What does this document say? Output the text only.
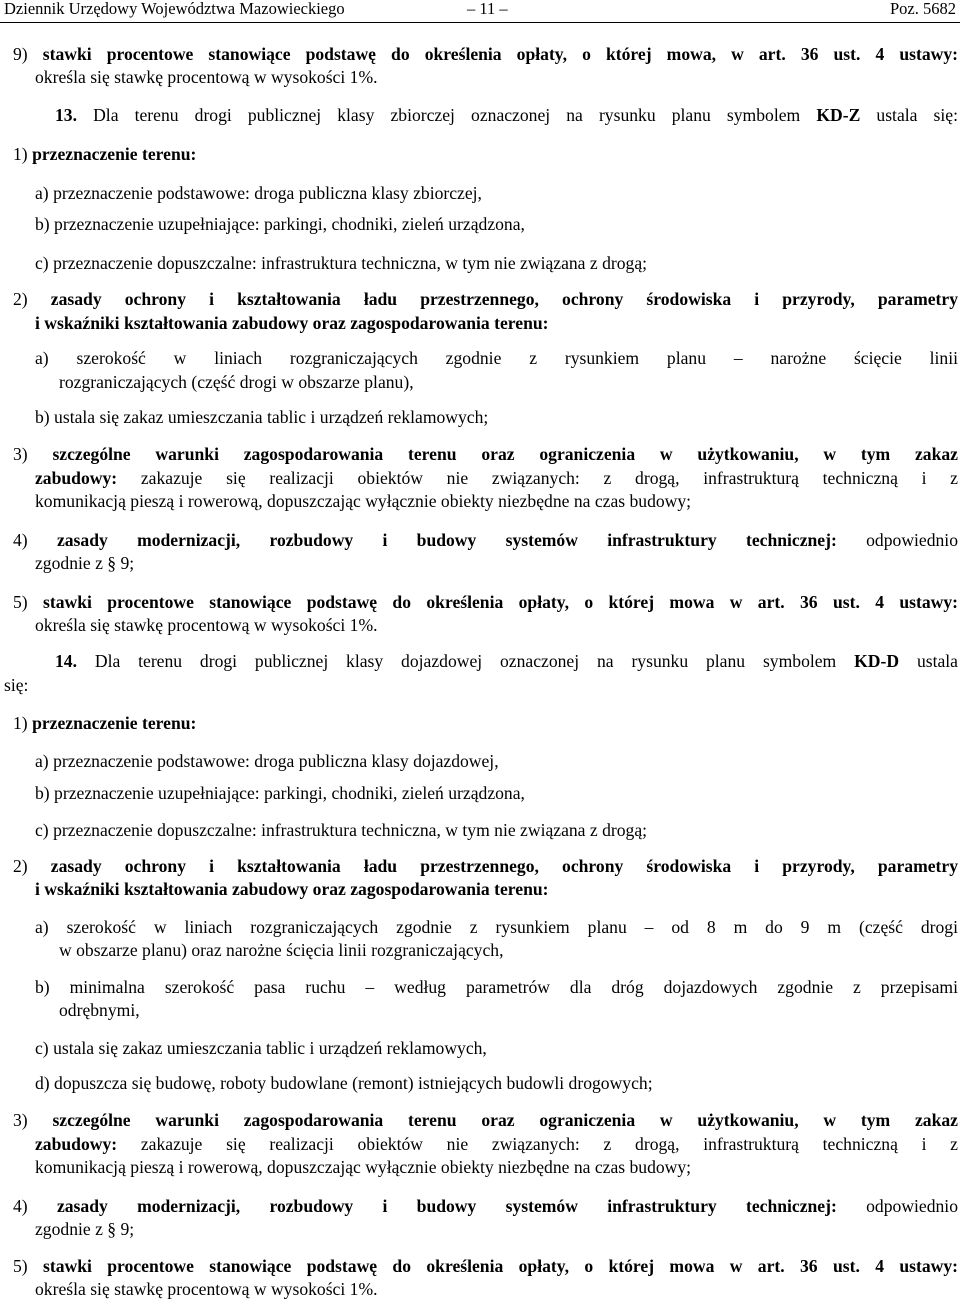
Dziennik Urzędowy Województwa Mazowieckiego	– 11 –	Poz. 5682
9) stawki procentowe stanowiące podstawę do określenia opłaty, o której mowa, w art. 36 ust. 4 ustawy:
określa się stawkę procentową w wysokości 1%.
13. Dla terenu drogi publicznej klasy zbiorczej oznaczonej na rysunku planu symbolem KD-Z ustala się:
1) przeznaczenie terenu:
a) przeznaczenie podstawowe: droga publiczna klasy zbiorczej,
b) przeznaczenie uzupełniające: parkingi, chodniki, zieleń urządzona,
c) przeznaczenie dopuszczalne: infrastruktura techniczna, w tym nie związana z drogą;
2) zasady ochrony i kształtowania ładu przestrzennego, ochrony środowiska i przyrody, parametry
i wskaźniki kształtowania zabudowy oraz zagospodarowania terenu:
a) szerokość w liniach rozgraniczających zgodnie z rysunkiem planu – narożne ścięcie linii
rozgraniczających (część drogi w obszarze planu),
b) ustala się zakaz umieszczania tablic i urządzeń reklamowych;
3) szczególne warunki zagospodarowania terenu oraz ograniczenia w użytkowaniu, w tym zakaz
zabudowy: zakazuje się realizacji obiektów nie związanych: z drogą, infrastrukturą techniczną i z
komunikacją pieszą i rowerową, dopuszczając wyłącznie obiekty niezbędne na czas budowy;
4) zasady modernizacji, rozbudowy i budowy systemów infrastruktury technicznej: odpowiednio
zgodnie z § 9;
5) stawki procentowe stanowiące podstawę do określenia opłaty, o której mowa w art. 36 ust. 4 ustawy:
określa się stawkę procentową w wysokości 1%.
14. Dla terenu drogi publicznej klasy dojazdowej oznaczonej na rysunku planu symbolem KD-D ustala
się:
1) przeznaczenie terenu:
a) przeznaczenie podstawowe: droga publiczna klasy dojazdowej,
b) przeznaczenie uzupełniające: parkingi, chodniki, zieleń urządzona,
c) przeznaczenie dopuszczalne: infrastruktura techniczna, w tym nie związana z drogą;
2) zasady ochrony i kształtowania ładu przestrzennego, ochrony środowiska i przyrody, parametry
i wskaźniki kształtowania zabudowy oraz zagospodarowania terenu:
a) szerokość w liniach rozgraniczających zgodnie z rysunkiem planu – od 8 m do 9 m (część drogi
w obszarze planu) oraz narożne ścięcia linii rozgraniczających,
b) minimalna szerokość pasa ruchu – według parametrów dla dróg dojazdowych zgodnie z przepisami
odrębnymi,
c) ustala się zakaz umieszczania tablic i urządzeń reklamowych,
d) dopuszcza się budowę, roboty budowlane (remont) istniejących budowli drogowych;
3) szczególne warunki zagospodarowania terenu oraz ograniczenia w użytkowaniu, w tym zakaz
zabudowy: zakazuje się realizacji obiektów nie związanych: z drogą, infrastrukturą techniczną i z
komunikacją pieszą i rowerową, dopuszczając wyłącznie obiekty niezbędne na czas budowy;
4) zasady modernizacji, rozbudowy i budowy systemów infrastruktury technicznej: odpowiednio
zgodnie z § 9;
5) stawki procentowe stanowiące podstawę do określenia opłaty, o której mowa w art. 36 ust. 4 ustawy:
określa się stawkę procentową w wysokości 1%.
